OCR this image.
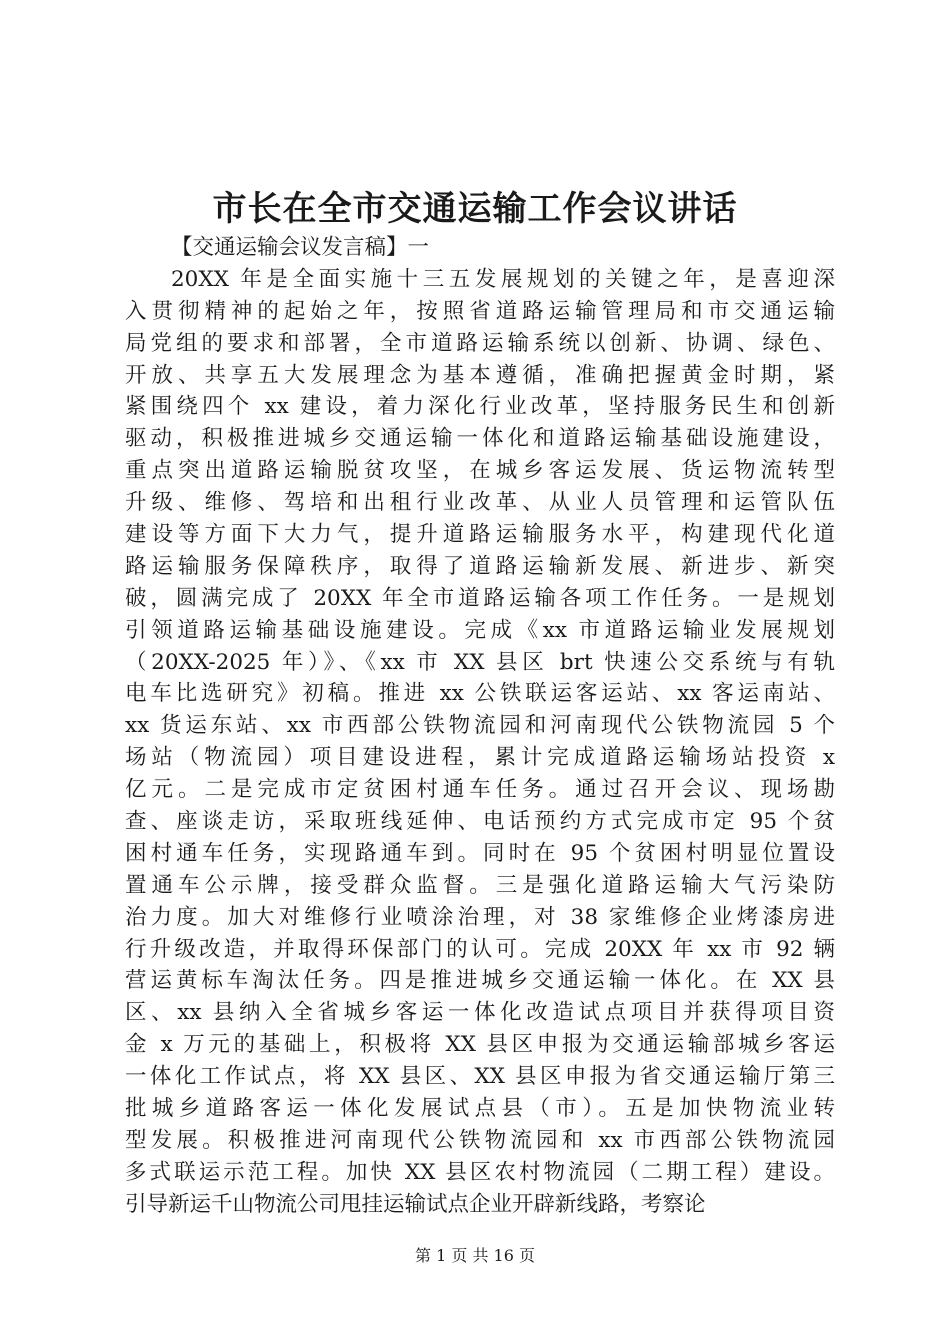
市长在全市交通运输工作会议讲话
【交通运输会议发言稿】一
20XX 年是全面实施十三五发展规划的关键之年，是喜迎深
入贯彻精神的起始之年，按照省道路运输管理局和市交通运输
局党组的要求和部署，全市道路运输系统以创新、协调、绿色、
开放、共享五大发展理念为基本遵循，准确把握黄金时期，紧
紧围绕四个 xx 建设，着力深化行业改革，坚持服务民生和创新
驱动，积极推进城乡交通运输一体化和道路运输基础设施建设，
重点突出道路运输脱贫攻坚，在城乡客运发展、货运物流转型
升级、维修、驾培和出租行业改革、从业人员管理和运管队伍
建设等方面下大力气，提升道路运输服务水平，构建现代化道
路运输服务保障秩序，取得了道路运输新发展、新进步、新突
破，圆满完成了 20XX 年全市道路运输各项工作任务。一是规划
引领道路运输基础设施建设。完成《xx 市道路运输业发展规划
（20XX-2025 年）》、《xx 市 XX 县区 brt 快速公交系统与有轨
电车比选研究》初稿。推进 xx 公铁联运客运站、xx 客运南站、
xx 货运东站、xx 市西部公铁物流园和河南现代公铁物流园 5 个
场站（物流园）项目建设进程，累计完成道路运输场站投资 x
亿元。二是完成市定贫困村通车任务。通过召开会议、现场勘
查、座谈走访，采取班线延伸、电话预约方式完成市定 95 个贫
困村通车任务，实现路通车到。同时在 95 个贫困村明显位置设
置通车公示牌，接受群众监督。三是强化道路运输大气污染防
治力度。加大对维修行业喷涂治理，对 38 家维修企业烤漆房进
行升级改造，并取得环保部门的认可。完成 20XX 年 xx 市 92 辆
营运黄标车淘汰任务。四是推进城乡交通运输一体化。在 XX 县
区、xx 县纳入全省城乡客运一体化改造试点项目并获得项目资
金 x 万元的基础上，积极将 XX 县区申报为交通运输部城乡客运
一体化工作试点，将 XX 县区、XX 县区申报为省交通运输厅第三
批城乡道路客运一体化发展试点县（市）。五是加快物流业转
型发展。积极推进河南现代公铁物流园和 xx 市西部公铁物流园
多式联运示范工程。加快 XX 县区农村物流园（二期工程）建设。
引导新运千山物流公司甩挂运输试点企业开辟新线路，考察论
第 1 页 共 16 页
